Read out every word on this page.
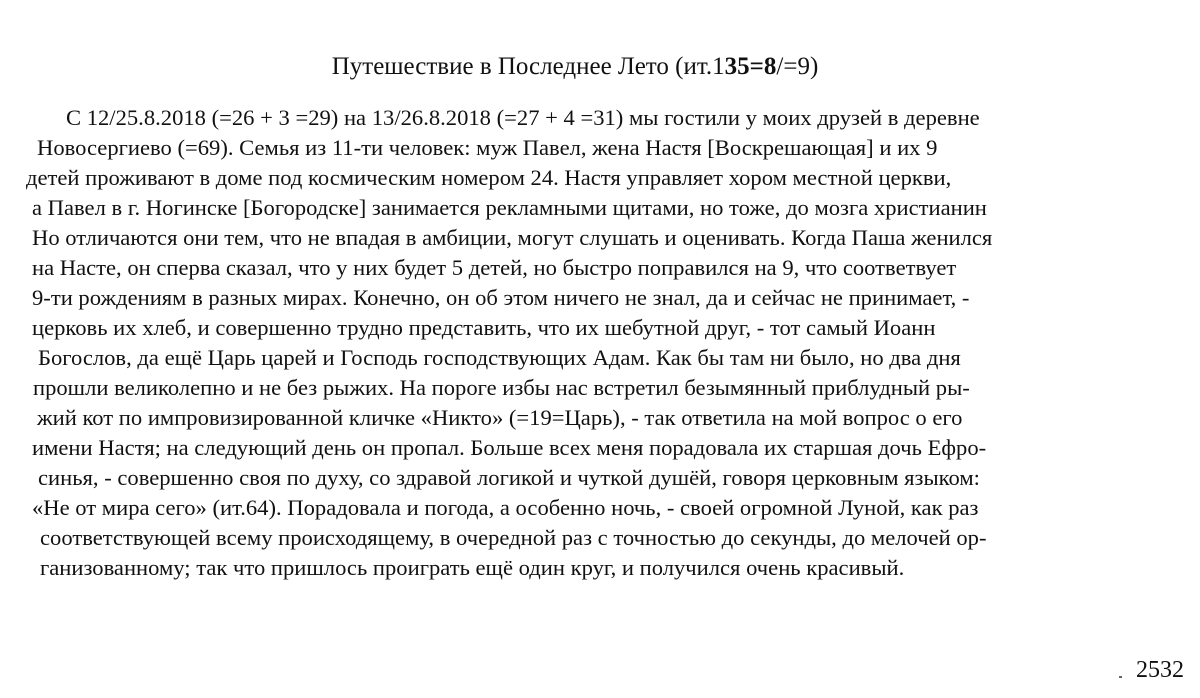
Путешествие в Последнее Лето (ит.135=8/=9)
С 12/25.8.2018 (=26 + 3 =29) на 13/26.8.2018 (=27 + 4 =31) мы гостили у моих друзей в деревне
Новосергиево (=69). Семья из 11-ти человек: муж Павел, жена Настя [Воскрешающая] и их 9
детей проживают в доме под космическим номером 24. Настя управляет хором местной церкви,
а Павел в г. Ногинске [Богородске] занимается рекламными щитами, но тоже, до мозга христианин
Но отличаются они тем, что не впадая в амбиции, могут слушать и оценивать. Когда Паша женился
на Насте, он сперва сказал, что у них будет 5 детей, но быстро поправился на 9, что соответвует
9-ти рождениям в разных мирах. Конечно, он об этом ничего не знал, да и сейчас не принимает, -
церковь их хлеб, и совершенно трудно представить, что их шебутной друг, - тот самый Иоанн
Богослов, да ещё Царь царей и Господь господствующих Адам. Как бы там ни было, но два дня
прошли великолепно и не без рыжих. На пороге избы нас встретил безымянный приблудный ры-
жий кот по импровизированной кличке «Никто» (=19=Царь), - так ответила на мой вопрос о его
имени Настя; на следующий день он пропал. Больше всех меня порадовала их старшая дочь Ефро-
синья, - совершенно своя по духу, со здравой логикой и чуткой душёй, говоря церковным языком:
«Не от мира сего» (ит.64). Порадовала и погода, а особенно ночь, - своей огромной Луной, как раз
соответствующей всему происходящему, в очередной раз с точностью до секунды, до мелочей ор-
ганизованному; так что пришлось проиграть ещё один круг, и получился очень красивый.
2532
